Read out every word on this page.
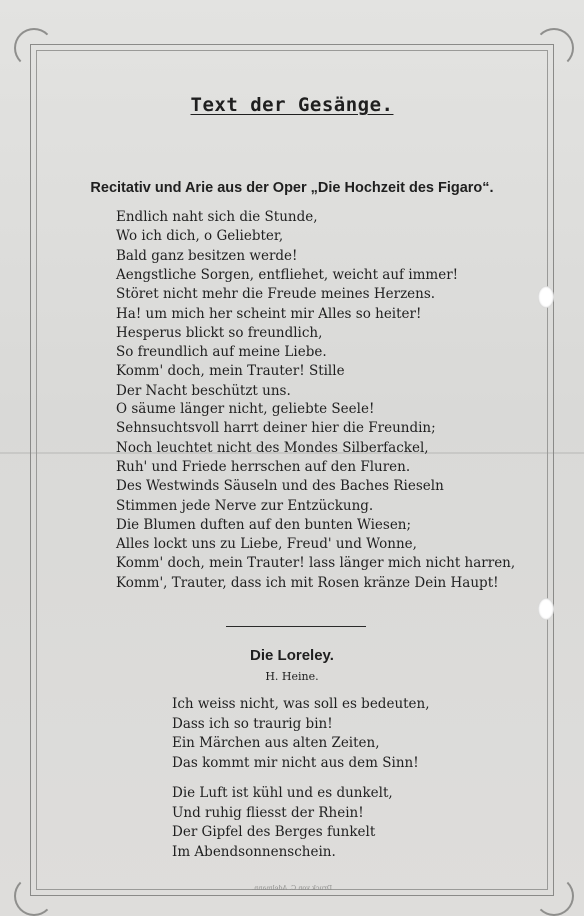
Text der Gesänge.
Recitativ und Arie aus der Oper „Die Hochzeit des Figaro“.
Endlich naht sich die Stunde,
Wo ich dich, o Geliebter,
Bald ganz besitzen werde!
Aengstliche Sorgen, entfliehet, weicht auf immer!
Störet nicht mehr die Freude meines Herzens.
Ha! um mich her scheint mir Alles so heiter!
Hesperus blickt so freundlich,
So freundlich auf meine Liebe.
Komm' doch, mein Trauter! Stille
Der Nacht beschützt uns.
O säume länger nicht, geliebte Seele!
Sehnsuchtsvoll harrt deiner hier die Freundin;
Noch leuchtet nicht des Mondes Silberfackel,
Ruh' und Friede herrschen auf den Fluren.
Des Westwinds Säuseln und des Baches Rieseln
Stimmen jede Nerve zur Entzückung.
Die Blumen duften auf den bunten Wiesen;
Alles lockt uns zu Liebe, Freud' und Wonne,
Komm' doch, mein Trauter! lass länger mich nicht harren,
Komm', Trauter, dass ich mit Rosen kränze Dein Haupt!
Die Loreley.
H. Heine.
Ich weiss nicht, was soll es bedeuten,
Dass ich so traurig bin!
Ein Märchen aus alten Zeiten,
Das kommt mir nicht aus dem Sinn!
Die Luft ist kühl und es dunkelt,
Und ruhig fliesst der Rhein!
Der Gipfel des Berges funkelt
Im Abendsonnenschein.
Druck von C. Adelmann.
